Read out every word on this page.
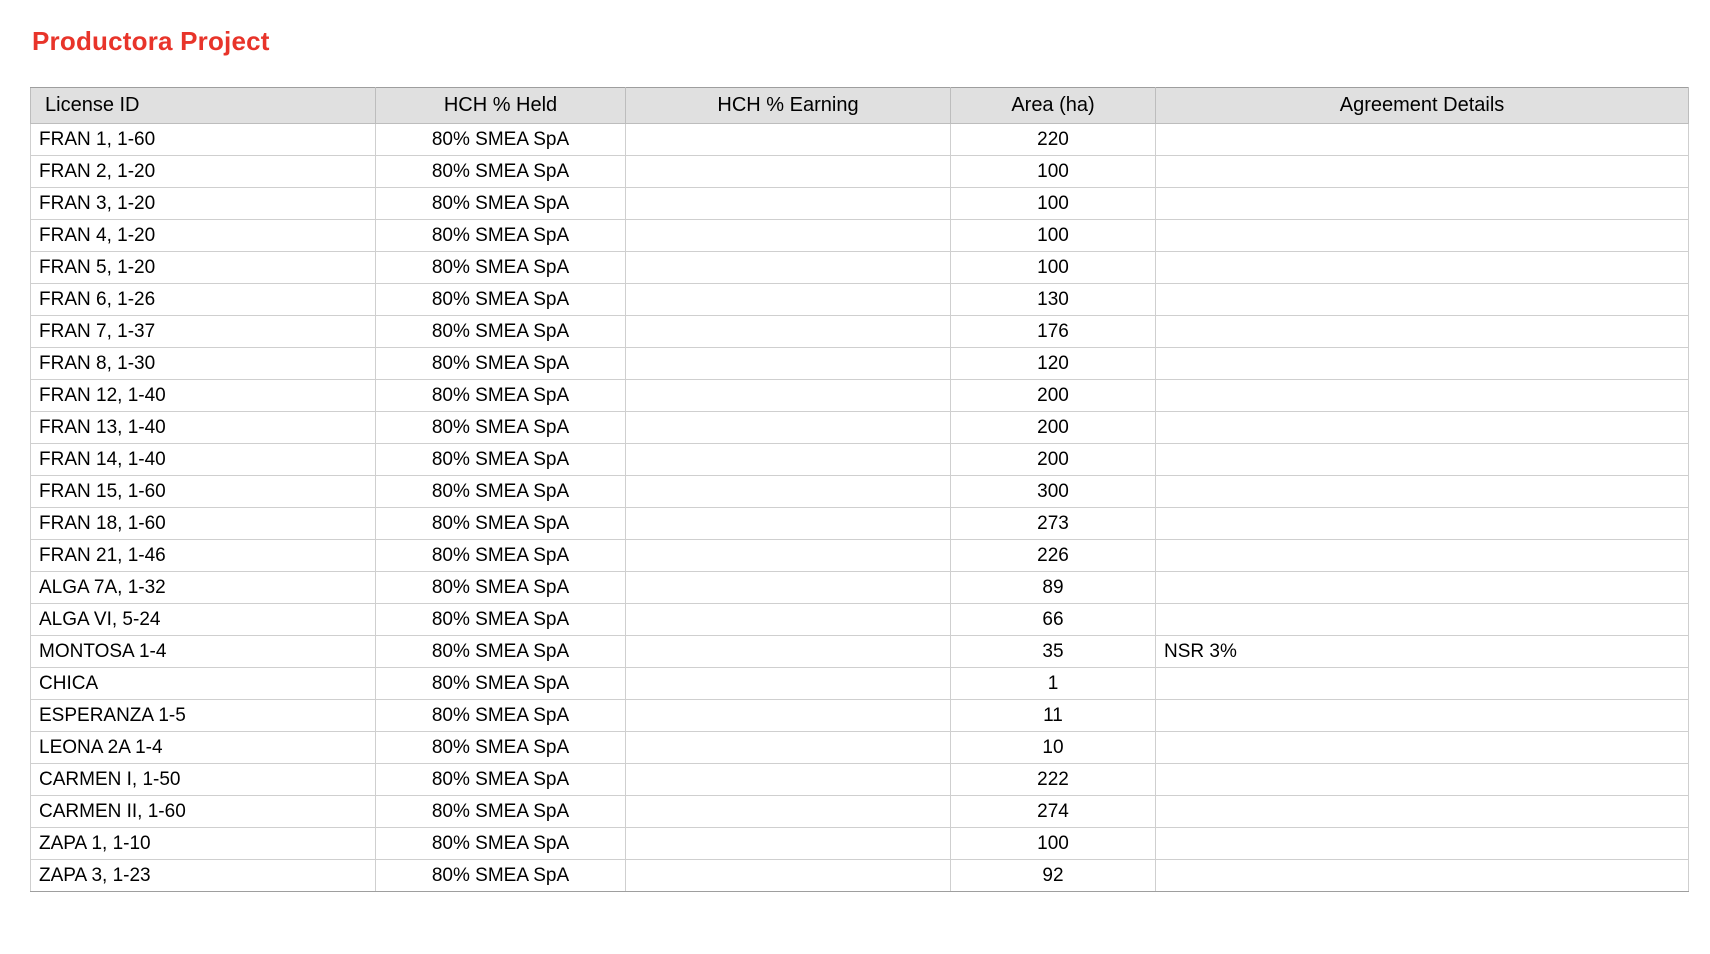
Productora Project
License ID	HCH % Held	HCH % Earning	Area (ha)	Agreement Details
FRAN 1, 1-60	80% SMEA SpA		220	
FRAN 2, 1-20	80% SMEA SpA		100	
FRAN 3, 1-20	80% SMEA SpA		100	
FRAN 4, 1-20	80% SMEA SpA		100	
FRAN 5, 1-20	80% SMEA SpA		100	
FRAN 6, 1-26	80% SMEA SpA		130	
FRAN 7, 1-37	80% SMEA SpA		176	
FRAN 8, 1-30	80% SMEA SpA		120	
FRAN 12, 1-40	80% SMEA SpA		200	
FRAN 13, 1-40	80% SMEA SpA		200	
FRAN 14, 1-40	80% SMEA SpA		200	
FRAN 15, 1-60	80% SMEA SpA		300	
FRAN 18, 1-60	80% SMEA SpA		273	
FRAN 21, 1-46	80% SMEA SpA		226	
ALGA 7A, 1-32	80% SMEA SpA		89	
ALGA VI, 5-24	80% SMEA SpA		66	
MONTOSA 1-4	80% SMEA SpA		35	NSR 3%
CHICA	80% SMEA SpA		1	
ESPERANZA 1-5	80% SMEA SpA		11	
LEONA 2A 1-4	80% SMEA SpA		10	
CARMEN I, 1-50	80% SMEA SpA		222	
CARMEN II, 1-60	80% SMEA SpA		274	
ZAPA 1, 1-10	80% SMEA SpA		100	
ZAPA 3, 1-23	80% SMEA SpA		92	
